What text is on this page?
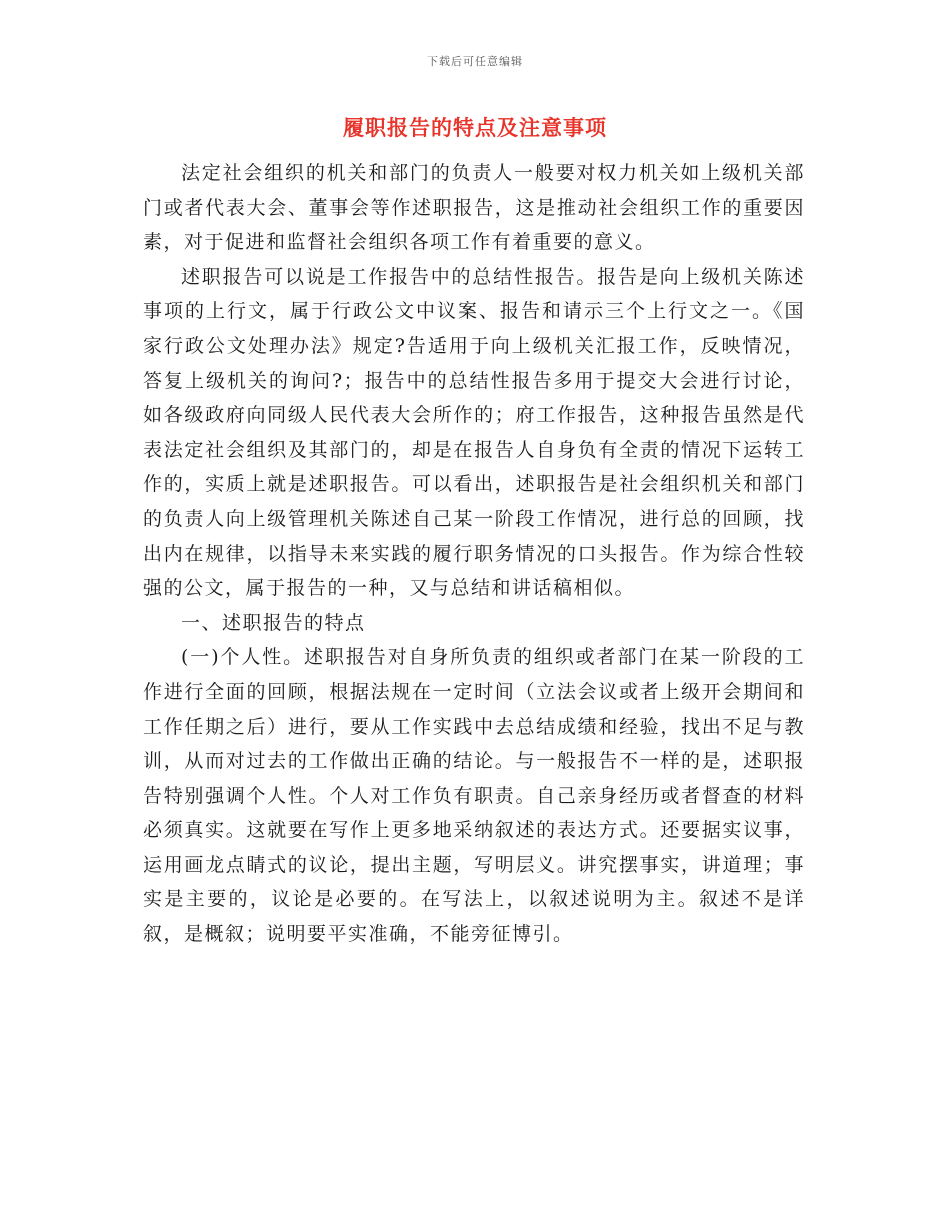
下载后可任意编辑
履职报告的特点及注意事项

法定社会组织的机关和部门的负责人一般要对权力机关如上级机关部门或者代表大会、董事会等作述职报告，这是推动社会组织工作的重要因素，对于促进和监督社会组织各项工作有着重要的意义。

述职报告可以说是工作报告中的总结性报告。报告是向上级机关陈述事项的上行文，属于行政公文中议案、报告和请示三个上行文之一。《国家行政公文处理办法》规定?告适用于向上级机关汇报工作，反映情况，答复上级机关的询问?；报告中的总结性报告多用于提交大会进行讨论，如各级政府向同级人民代表大会所作的；府工作报告，这种报告虽然是代表法定社会组织及其部门的，却是在报告人自身负有全责的情况下运转工作的，实质上就是述职报告。可以看出，述职报告是社会组织机关和部门的负责人向上级管理机关陈述自己某一阶段工作情况，进行总的回顾，找出内在规律，以指导未来实践的履行职务情况的口头报告。作为综合性较强的公文，属于报告的一种，又与总结和讲话稿相似。

一、述职报告的特点

(一)个人性。述职报告对自身所负责的组织或者部门在某一阶段的工作进行全面的回顾，根据法规在一定时间（立法会议或者上级开会期间和工作任期之后）进行，要从工作实践中去总结成绩和经验，找出不足与教训，从而对过去的工作做出正确的结论。与一般报告不一样的是，述职报告特别强调个人性。个人对工作负有职责。自己亲身经历或者督查的材料必须真实。这就要在写作上更多地采纳叙述的表达方式。还要据实议事，运用画龙点睛式的议论，提出主题，写明层义。讲究摆事实，讲道理；事实是主要的，议论是必要的。在写法上，以叙述说明为主。叙述不是详叙，是概叙；说明要平实准确，不能旁征博引。
